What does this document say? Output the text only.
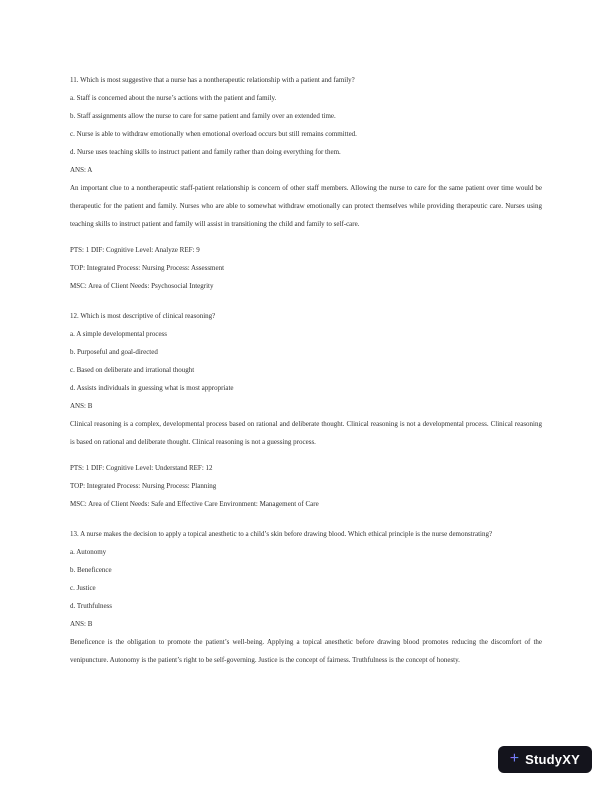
11. Which is most suggestive that a nurse has a nontherapeutic relationship with a patient and family?

a. Staff is concerned about the nurse’s actions with the patient and family.

b. Staff assignments allow the nurse to care for same patient and family over an extended time.

c. Nurse is able to withdraw emotionally when emotional overload occurs but still remains committed.

d. Nurse uses teaching skills to instruct patient and family rather than doing everything for them.

ANS: A

An important clue to a nontherapeutic staff-patient relationship is concern of other staff members. Allowing the nurse to care for the same patient over time would be therapeutic for the patient and family. Nurses who are able to somewhat withdraw emotionally can protect themselves while providing therapeutic care. Nurses using teaching skills to instruct patient and family will assist in transitioning the child and family to self-care.

PTS: 1 DIF: Cognitive Level: Analyze REF: 9

TOP: Integrated Process: Nursing Process: Assessment

MSC: Area of Client Needs: Psychosocial Integrity

12. Which is most descriptive of clinical reasoning?

a. A simple developmental process

b. Purposeful and goal-directed

c. Based on deliberate and irrational thought

d. Assists individuals in guessing what is most appropriate

ANS: B

Clinical reasoning is a complex, developmental process based on rational and deliberate thought. Clinical reasoning is not a developmental process. Clinical reasoning is based on rational and deliberate thought. Clinical reasoning is not a guessing process.

PTS: 1 DIF: Cognitive Level: Understand REF: 12

TOP: Integrated Process: Nursing Process: Planning

MSC: Area of Client Needs: Safe and Effective Care Environment: Management of Care

13. A nurse makes the decision to apply a topical anesthetic to a child’s skin before drawing blood. Which ethical principle is the nurse demonstrating?

a. Autonomy

b. Beneficence

c. Justice

d. Truthfulness

ANS: B

Beneficence is the obligation to promote the patient’s well-being. Applying a topical anesthetic before drawing blood promotes reducing the discomfort of the venipuncture. Autonomy is the patient’s right to be self-governing. Justice is the concept of fairness. Truthfulness is the concept of honesty.

+ StudyXY
